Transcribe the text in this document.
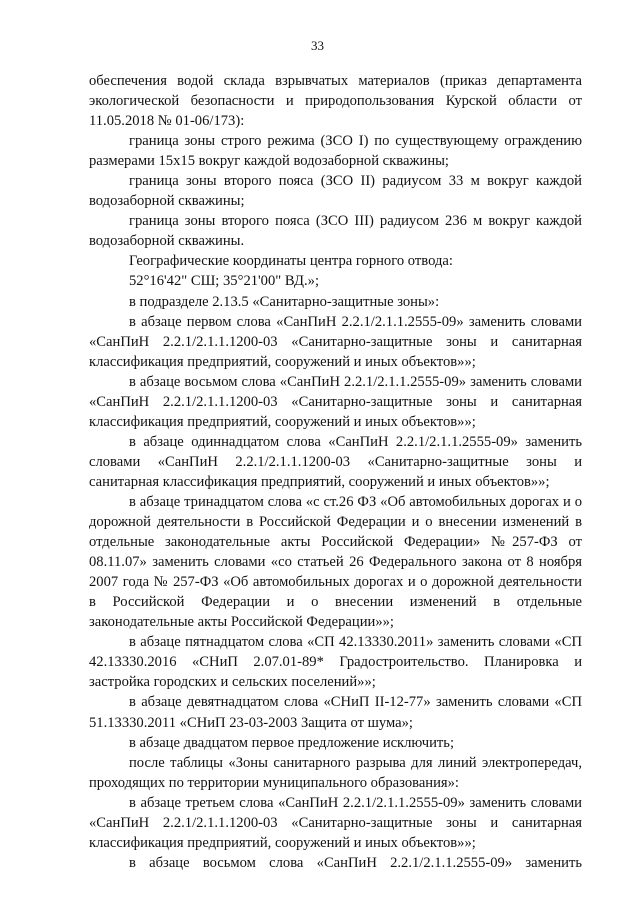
33

обеспечения водой склада взрывчатых материалов (приказ департамента экологической безопасности и природопользования Курской области от 11.05.2018 № 01-06/173):

граница зоны строго режима (ЗСО I) по существующему ограждению размерами 15х15 вокруг каждой водозаборной скважины;

граница зоны второго пояса (ЗСО II) радиусом 33 м вокруг каждой водозаборной скважины;

граница зоны второго пояса (ЗСО III) радиусом 236 м вокруг каждой водозаборной скважины.

Географические координаты центра горного отвода:

52°16'42" СШ; 35°21'00" ВД.»;

в подразделе 2.13.5 «Санитарно-защитные зоны»:

в абзаце первом слова «СанПиН 2.2.1/2.1.1.2555-09» заменить словами «СанПиН 2.2.1/2.1.1.1200-03 «Санитарно-защитные зоны и санитарная классификация предприятий, сооружений и иных объектов»»;

в абзаце восьмом слова «СанПиН 2.2.1/2.1.1.2555-09» заменить словами «СанПиН 2.2.1/2.1.1.1200-03 «Санитарно-защитные зоны и санитарная классификация предприятий, сооружений и иных объектов»»;

в абзаце одиннадцатом слова «СанПиН 2.2.1/2.1.1.2555-09» заменить словами «СанПиН 2.2.1/2.1.1.1200-03 «Санитарно-защитные зоны и санитарная классификация предприятий, сооружений и иных объектов»»;

в абзаце тринадцатом слова «с ст.26 ФЗ «Об автомобильных дорогах и о дорожной деятельности в Российской Федерации и о внесении изменений в отдельные законодательные акты Российской Федерации» №257-ФЗ от 08.11.07» заменить словами «со статьей 26 Федерального закона от 8 ноября 2007 года № 257-ФЗ «Об автомобильных дорогах и о дорожной деятельности в Российской Федерации и о внесении изменений в отдельные законодательные акты Российской Федерации»»;

в абзаце пятнадцатом слова «СП 42.13330.2011» заменить словами «СП 42.13330.2016 «СНиП 2.07.01-89* Градостроительство. Планировка и застройка городских и сельских поселений»»;

в абзаце девятнадцатом слова «СНиП II-12-77» заменить словами «СП 51.13330.2011 «СНиП 23-03-2003 Защита от шума»;

в абзаце двадцатом первое предложение исключить;

после таблицы «Зоны санитарного разрыва для линий электропередач, проходящих по территории муниципального образования»:

в абзаце третьем слова «СанПиН 2.2.1/2.1.1.2555-09» заменить словами «СанПиН 2.2.1/2.1.1.1200-03 «Санитарно-защитные зоны и санитарная классификация предприятий, сооружений и иных объектов»»;

в абзаце восьмом слова «СанПиН 2.2.1/2.1.1.2555-09» заменить
